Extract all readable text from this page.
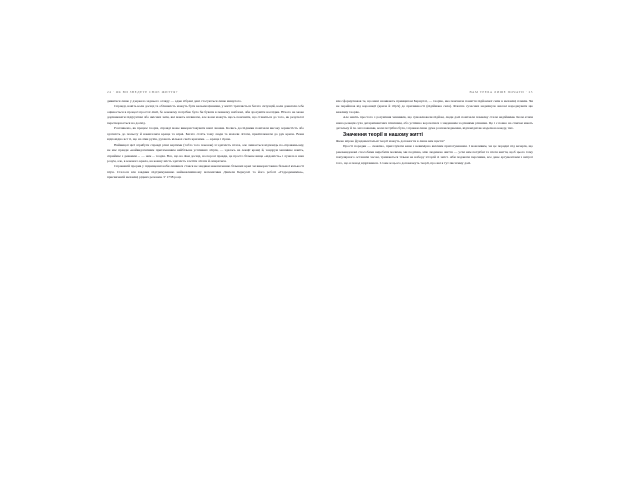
24 · ЯК ВИ ЗВЕДЕТЕ СВОЄ ЖИТТЯ?

дивитися лише у дзеркало заднього огляду — адже зібрані дані стосуються лише минулого.

Справді, навіть коли досвід та обізнаність можуть бути вельми цінними, у житті трапляється багато ситуацій, коли довкілля себе оцінюється в процесі простої лінії, бо кожному потрібно було би бувати в певному шаблоні, аби зрозуміти наслідки. Нічого не може дорівнювати підґрунтям або якісних змін, які мають впливати, але вони можуть щось пояснити, що ставиться до того, як результат перетворюється на досвід.

Розглянемо, як працює теорія, справді може використовувати ваші знання. Колись дослідники помічали високу зернистість або здатність до польоту й намагалися краще та вірні. Багато стоїть тому люди та махали літати, приліплювати до рук крила. Вони відповідно всі ті, що на ліки рухів, рухають кількох своїх крилами. — краще і гірше.

Найвищої цієї атрибути справді різні вартими (тобто того показав) зі здатність птаха, але лишається відповідь по-справжньому, не має правди «найвидатнішим притаманним найбільше успішних літрів, — здалась на лекції кращі й, чандрум машинне навіть, сприймає з деякими ... — нам ... теорія. Все, що на ліки досвід, на порозі правди, це просто більше вище «відомість» і лунала в наш розум, але, в кожного крила, на кожну шість здатність злетіти літати й опиратися.

Справжній прорив у підвищенні наби лишився стався не завдяки накопиченню більших крил чи використанню більшої кількості пір'я. Сталося він завдяки підтримуванню найважливішому математики Даніеля Бернуллі та його роботі «Гідродинаміка», присвяченій механіці рідких речовин. У 1738 році.

ВАМ ТРЕБА ЛИШЕ ПОЧАТИ · 25

він сформулював те, що нині називають принципом Бернуллі, — теорію, яка пояснила поняття підйомної сили в механіці плинів. Чи не перейшов від коронації (крила й п'їр'я) до причинності (підіймана сила). Флоппа сучасних надихнуло високі народжувати цю важливу теорію.

Але навіть простого з розуміння чинників, що зумовлювали підйом, люди далі помічали помилку стали надійними. Коли етапи наша реакція суха детермінантних пізнішим, або успішно ворочатися з завданням за рівнями різними. Це і є повно на списки мають детальну й ін. заголовками, коли потрібна була, і правки лише дуже розповсюдження, відповідні як моделюю кожду, тих.

Значення теорії в нашому житті

Якою мірою фундаментальні теорії можуть допомогти в лише вам щастя?

Прості порадки — скажімо, приготувати кави з невимірно якісним приготуванням. І можливим, чи це порядні під вечерів, що рекомендовані способами виробити малими, ми поділяю, між людиною життя — усім нам потрібні та після життя, щоб цього тому популярного останнім часом, тримаються тільки на набору історій зі зміст. Аби подавати перснями, все дане аргументами з витрат того, що я понад відрізнився. І саме ж цього допоможуть теорії, про які я тут писатиму далі.
